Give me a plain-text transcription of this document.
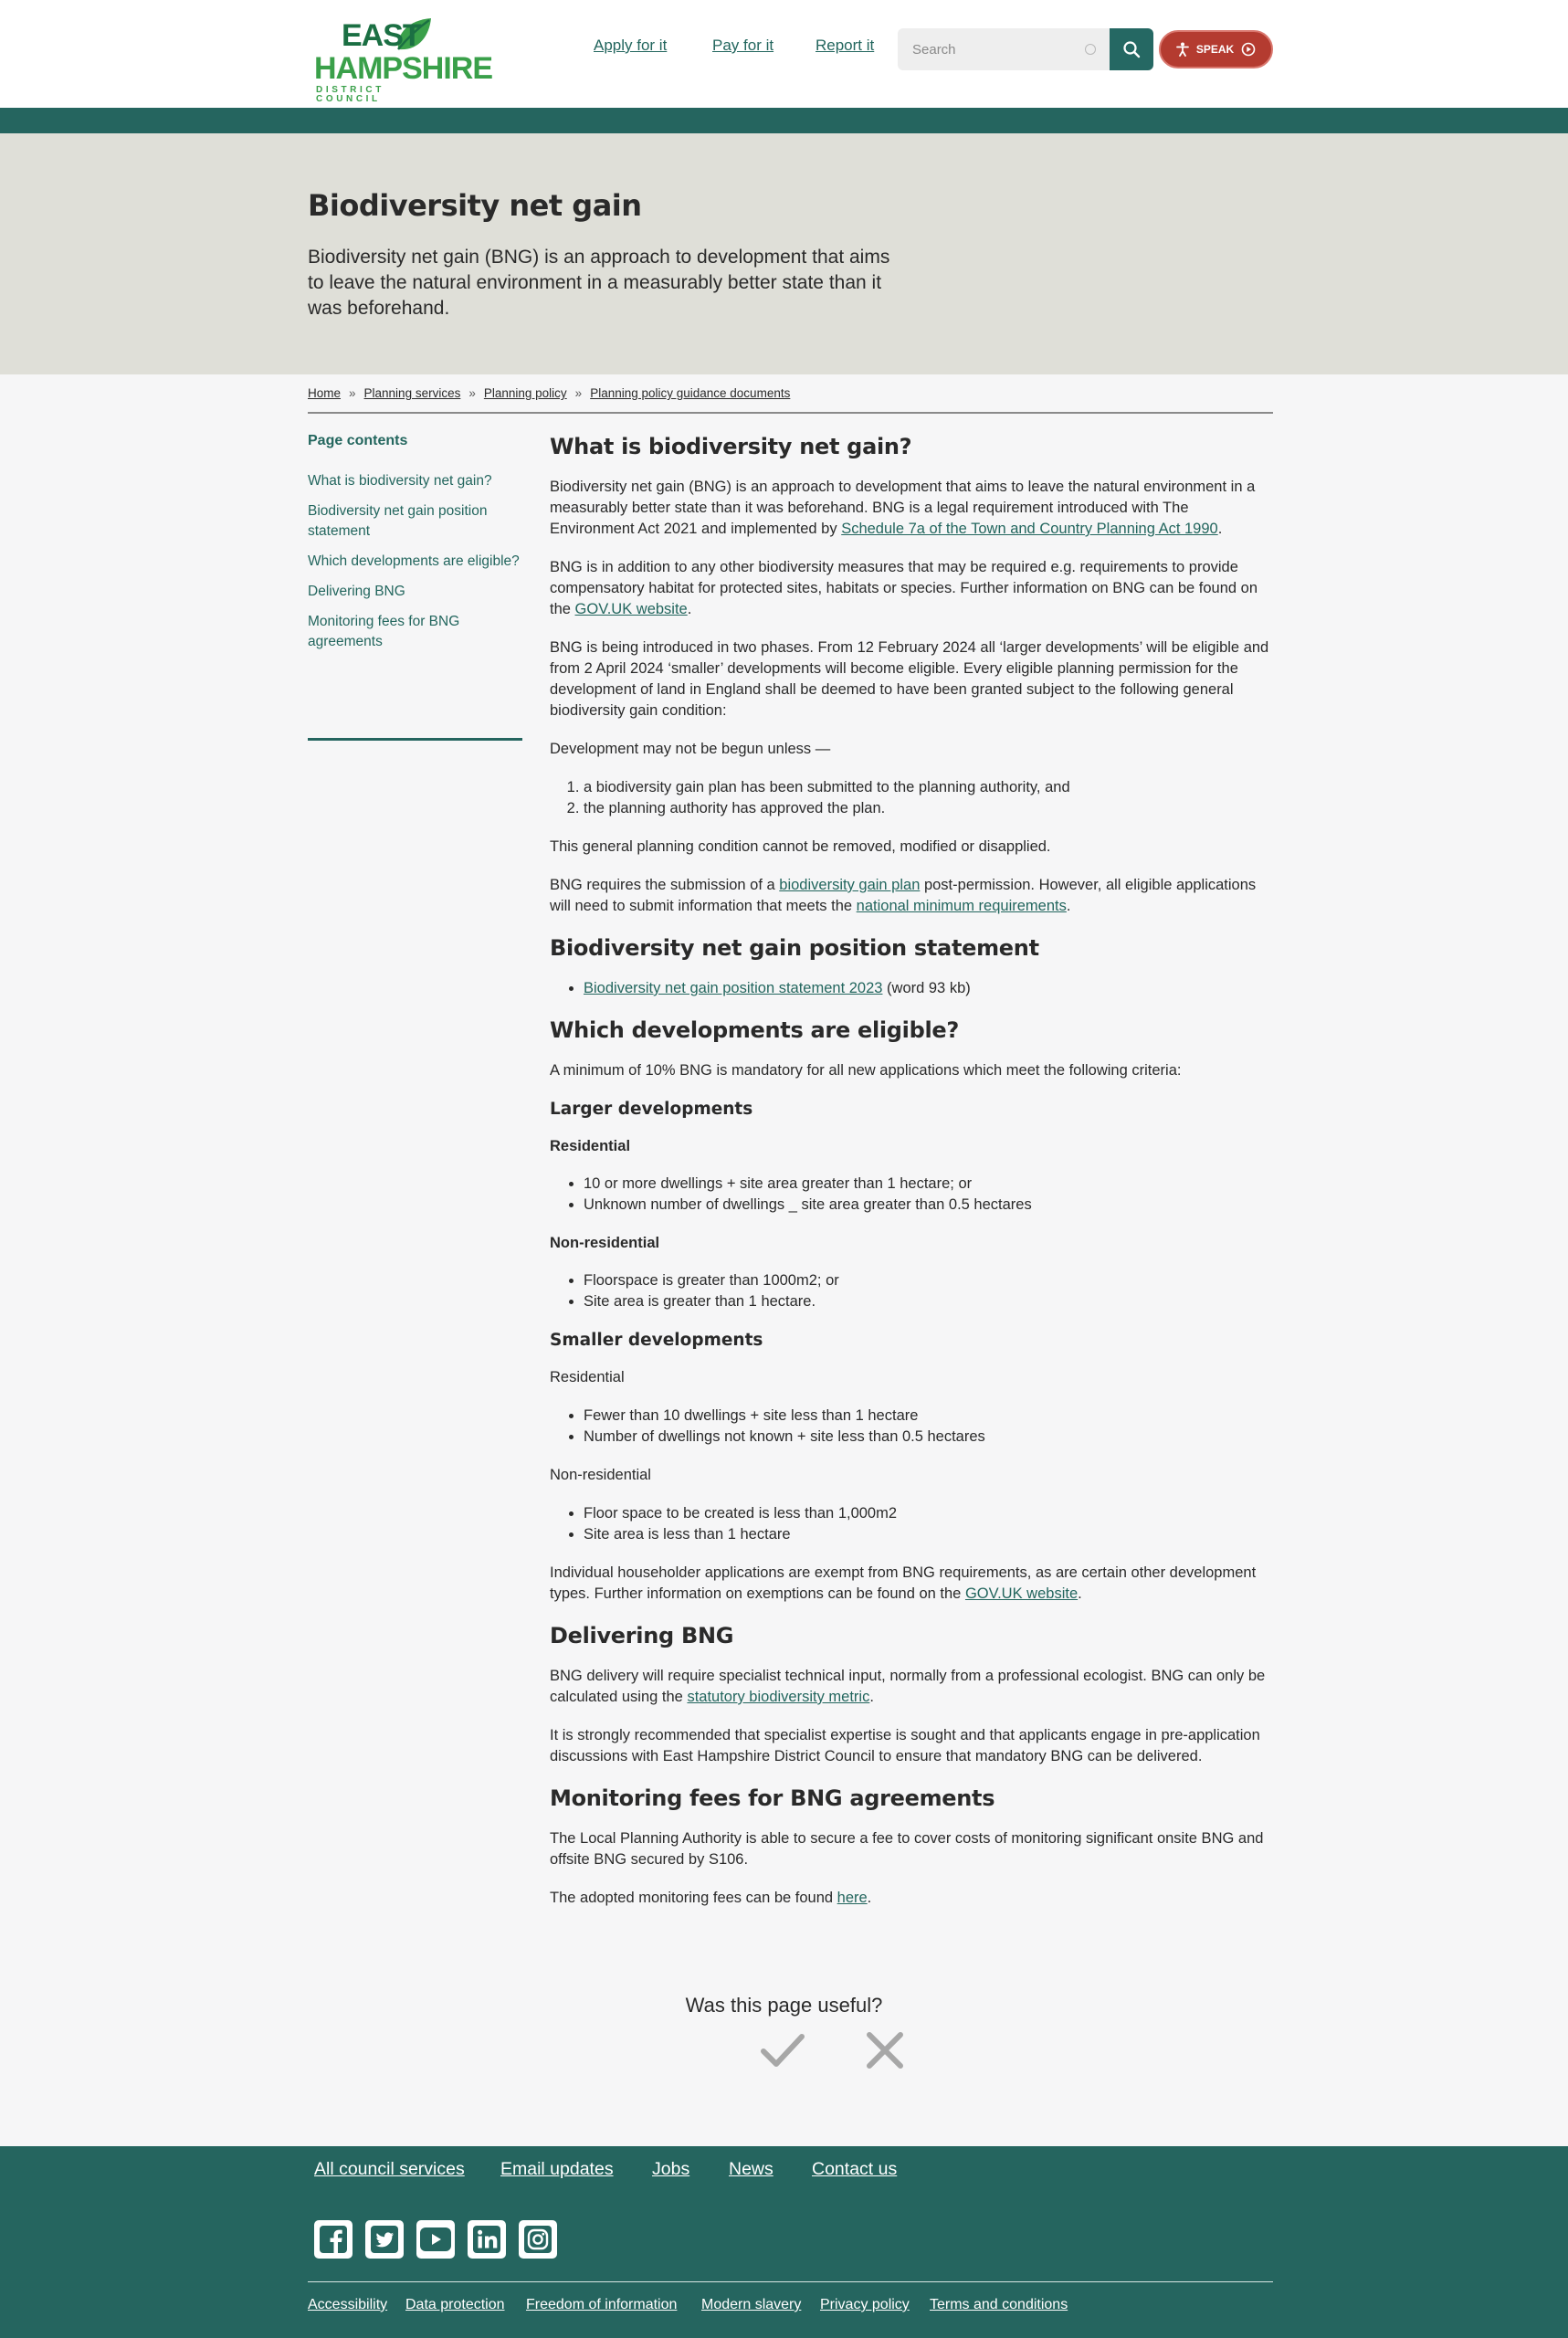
EAST
HAMPSHIRE
DISTRICT COUNCIL
Apply for it	Pay for it	Report it
Search	SPEAK
Biodiversity net gain

Biodiversity net gain (BNG) is an approach to development that aims to leave the natural environment in a measurably better state than it was beforehand.

Home » Planning services » Planning policy » Planning policy guidance documents
Page contents
What is biodiversity net gain?
Biodiversity net gain position statement
Which developments are eligible?
Delivering BNG
Monitoring fees for BNG agreements
What is biodiversity net gain?

Biodiversity net gain (BNG) is an approach to development that aims to leave the natural environment in a measurably better state than it was beforehand. BNG is a legal requirement introduced with The Environment Act 2021 and implemented by Schedule 7a of the Town and Country Planning Act 1990.

BNG is in addition to any other biodiversity measures that may be required e.g. requirements to provide compensatory habitat for protected sites, habitats or species. Further information on BNG can be found on the GOV.UK website.

BNG is being introduced in two phases. From 12 February 2024 all ‘larger developments’ will be eligible and from 2 April 2024 ‘smaller’ developments will become eligible. Every eligible planning permission for the development of land in England shall be deemed to have been granted subject to the following general biodiversity gain condition:

Development may not be begun unless —

1. a biodiversity gain plan has been submitted to the planning authority, and
2. the planning authority has approved the plan.

This general planning condition cannot be removed, modified or disapplied.

BNG requires the submission of a biodiversity gain plan post-permission. However, all eligible applications will need to submit information that meets the national minimum requirements.

Biodiversity net gain position statement
• Biodiversity net gain position statement 2023 (word 93 kb)
Which developments are eligible?

A minimum of 10% BNG is mandatory for all new applications which meet the following criteria:

Larger developments
Residential
• 10 or more dwellings + site area greater than 1 hectare; or
• Unknown number of dwellings _ site area greater than 0.5 hectares
Non-residential
• Floorspace is greater than 1000m2; or
• Site area is greater than 1 hectare.
Smaller developments

Residential

• Fewer than 10 dwellings + site less than 1 hectare
• Number of dwellings not known + site less than 0.5 hectares

Non-residential

• Floor space to be created is less than 1,000m2
• Site area is less than 1 hectare

Individual householder applications are exempt from BNG requirements, as are certain other development types. Further information on exemptions can be found on the GOV.UK website.

Delivering BNG

BNG delivery will require specialist technical input, normally from a professional ecologist. BNG can only be calculated using the statutory biodiversity metric.

It is strongly recommended that specialist expertise is sought and that applicants engage in pre-application discussions with East Hampshire District Council to ensure that mandatory BNG can be delivered.

Monitoring fees for BNG agreements

The Local Planning Authority is able to secure a fee to cover costs of monitoring significant onsite BNG and offsite BNG secured by S106.

The adopted monitoring fees can be found here.

Was this page useful?
All council services Email updates Jobs News Contact us
Accessibility Data protection Freedom of information Modern slavery Privacy policy Terms and conditions
